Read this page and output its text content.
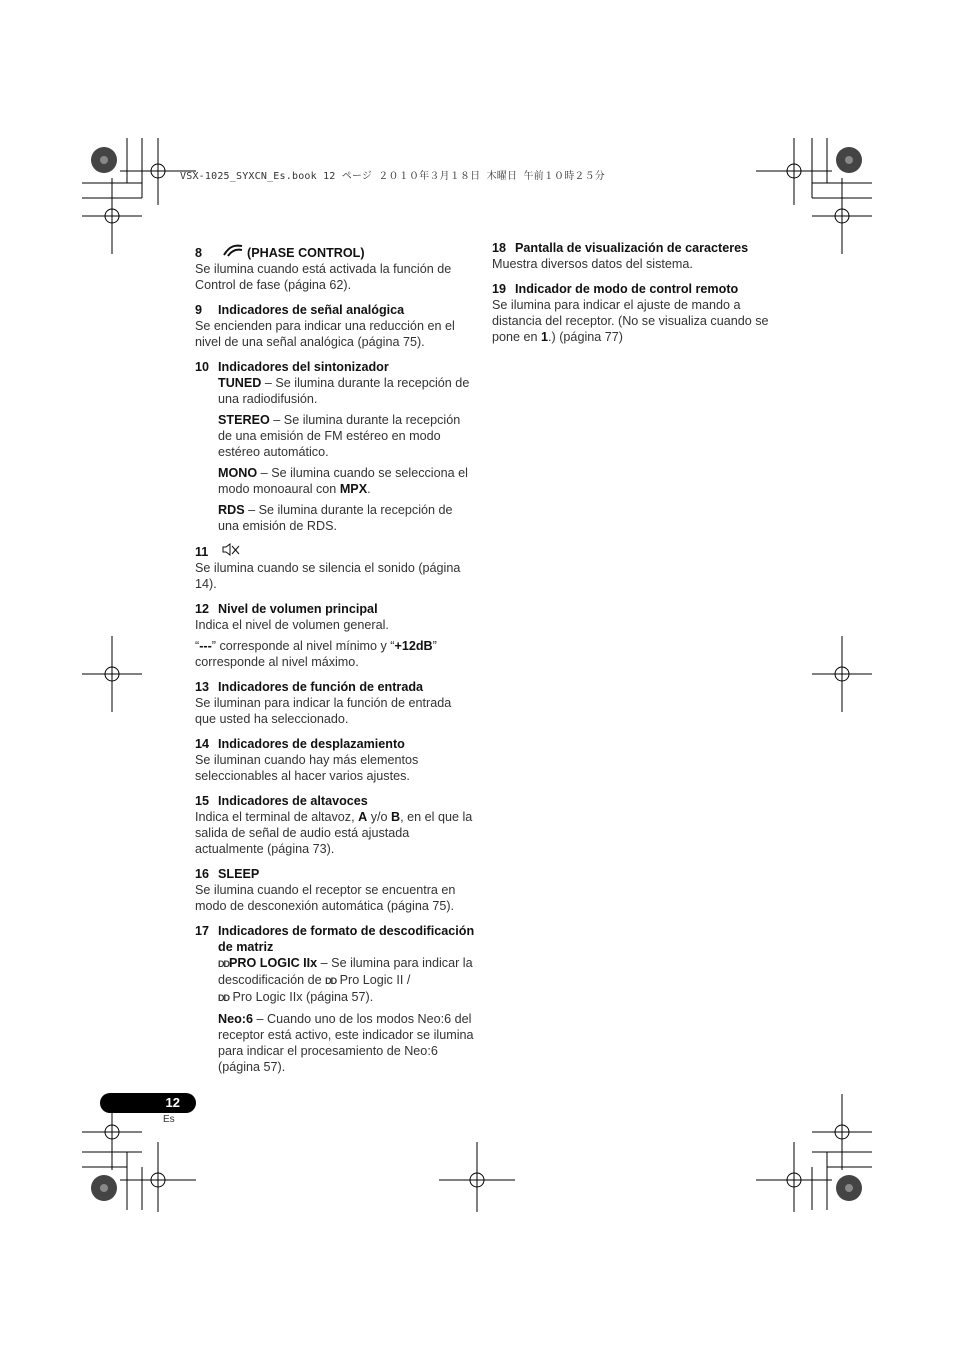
VSX-1025_SYXCN_Es.book 12 ページ ２０１０年３月１８日 木曜日 午前１０時２５分
8	(PHASE CONTROL)
Se ilumina cuando está activada la función de Control de fase (página 62).
9 Indicadores de señal analógica
Se encienden para indicar una reducción en el nivel de una señal analógica (página 75).
10 Indicadores del sintonizador
TUNED – Se ilumina durante la recepción de una radiodifusión.
STEREO – Se ilumina durante la recepción de una emisión de FM estéreo en modo estéreo automático.
MONO – Se ilumina cuando se selecciona el modo monoaural con MPX.
RDS – Se ilumina durante la recepción de una emisión de RDS.
11
Se ilumina cuando se silencia el sonido (página 14).
12 Nivel de volumen principal
Indica el nivel de volumen general.
“---” corresponde al nivel mínimo y “+12dB” corresponde al nivel máximo.
13 Indicadores de función de entrada
Se iluminan para indicar la función de entrada que usted ha seleccionado.
14 Indicadores de desplazamiento
Se iluminan cuando hay más elementos seleccionables al hacer varios ajustes.
15 Indicadores de altavoces
Indica el terminal de altavoz, A y/o B, en el que la salida de señal de audio está ajustada actualmente (página 73).
16 SLEEP
Se ilumina cuando el receptor se encuentra en modo de desconexión automática (página 75).
17 Indicadores de formato de descodificación de matriz
DDPRO LOGIC IIx – Se ilumina para indicar la descodificación de DD Pro Logic II /
DD Pro Logic IIx (página 57).
Neo:6 – Cuando uno de los modos Neo:6 del receptor está activo, este indicador se ilumina para indicar el procesamiento de Neo:6 (página 57).
18 Pantalla de visualización de caracteres
Muestra diversos datos del sistema.
19 Indicador de modo de control remoto
Se ilumina para indicar el ajuste de mando a distancia del receptor. (No se visualiza cuando se pone en 1.) (página 77)
12
Es
